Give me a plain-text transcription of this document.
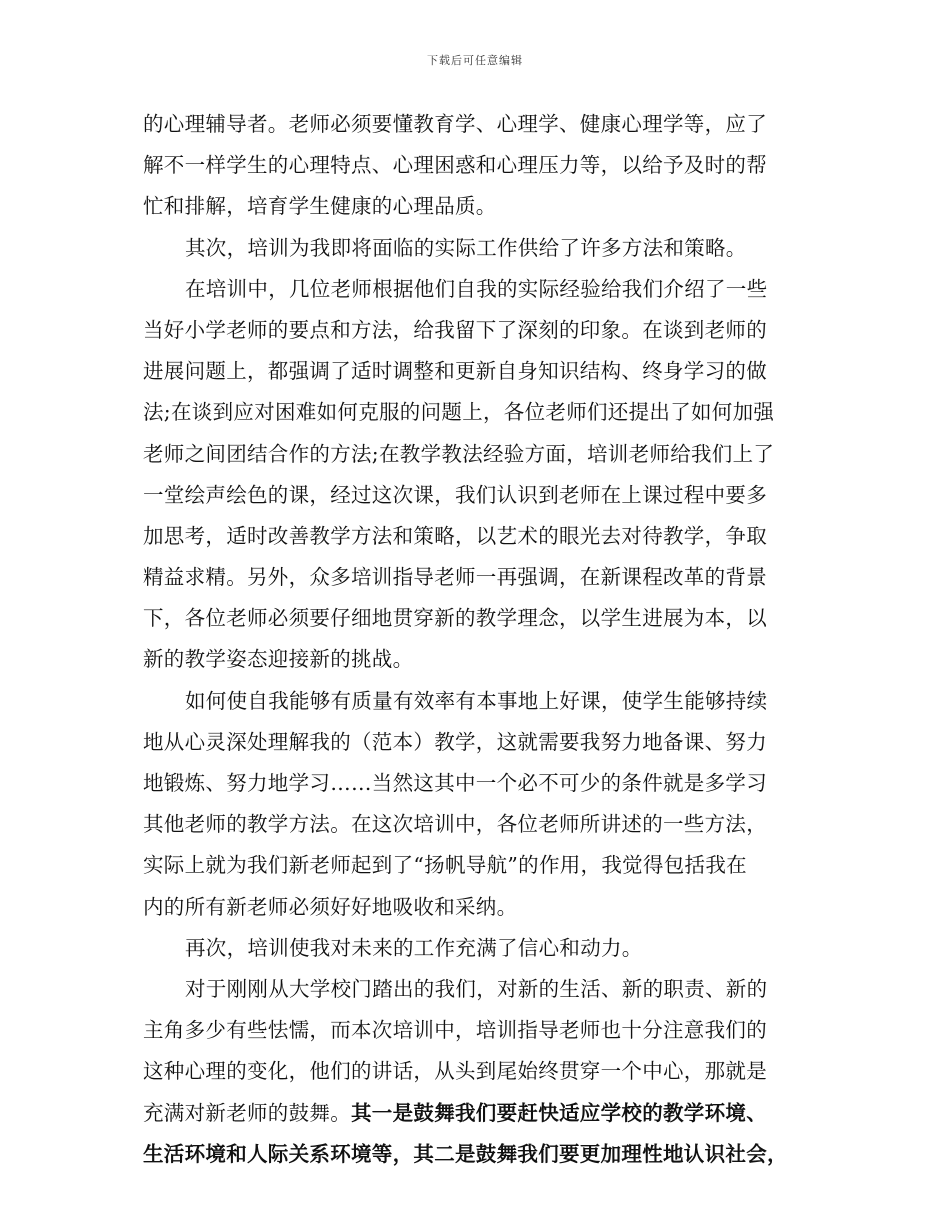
下载后可任意编辑
的心理辅导者。老师必须要懂教育学、心理学、健康心理学等，应了
解不一样学生的心理特点、心理困惑和心理压力等，以给予及时的帮
忙和排解，培育学生健康的心理品质。
其次，培训为我即将面临的实际工作供给了许多方法和策略。
在培训中，几位老师根据他们自我的实际经验给我们介绍了一些
当好小学老师的要点和方法，给我留下了深刻的印象。在谈到老师的
进展问题上，都强调了适时调整和更新自身知识结构、终身学习的做
法;在谈到应对困难如何克服的问题上，各位老师们还提出了如何加强
老师之间团结合作的方法;在教学教法经验方面，培训老师给我们上了
一堂绘声绘色的课，经过这次课，我们认识到老师在上课过程中要多
加思考，适时改善教学方法和策略，以艺术的眼光去对待教学，争取
精益求精。另外，众多培训指导老师一再强调，在新课程改革的背景
下，各位老师必须要仔细地贯穿新的教学理念，以学生进展为本，以
新的教学姿态迎接新的挑战。
如何使自我能够有质量有效率有本事地上好课，使学生能够持续
地从心灵深处理解我的（范本）教学，这就需要我努力地备课、努力
地锻炼、努力地学习……当然这其中一个必不可少的条件就是多学习
其他老师的教学方法。在这次培训中，各位老师所讲述的一些方法，
实际上就为我们新老师起到了“扬帆导航”的作用，我觉得包括我在
内的所有新老师必须好好地吸收和采纳。
再次，培训使我对未来的工作充满了信心和动力。
对于刚刚从大学校门踏出的我们，对新的生活、新的职责、新的
主角多少有些怯懦，而本次培训中，培训指导老师也十分注意我们的
这种心理的变化，他们的讲话，从头到尾始终贯穿一个中心，那就是
充满对新老师的鼓舞。其一是鼓舞我们要赶快适应学校的教学环境、
生活环境和人际关系环境等，其二是鼓舞我们要更加理性地认识社会，
